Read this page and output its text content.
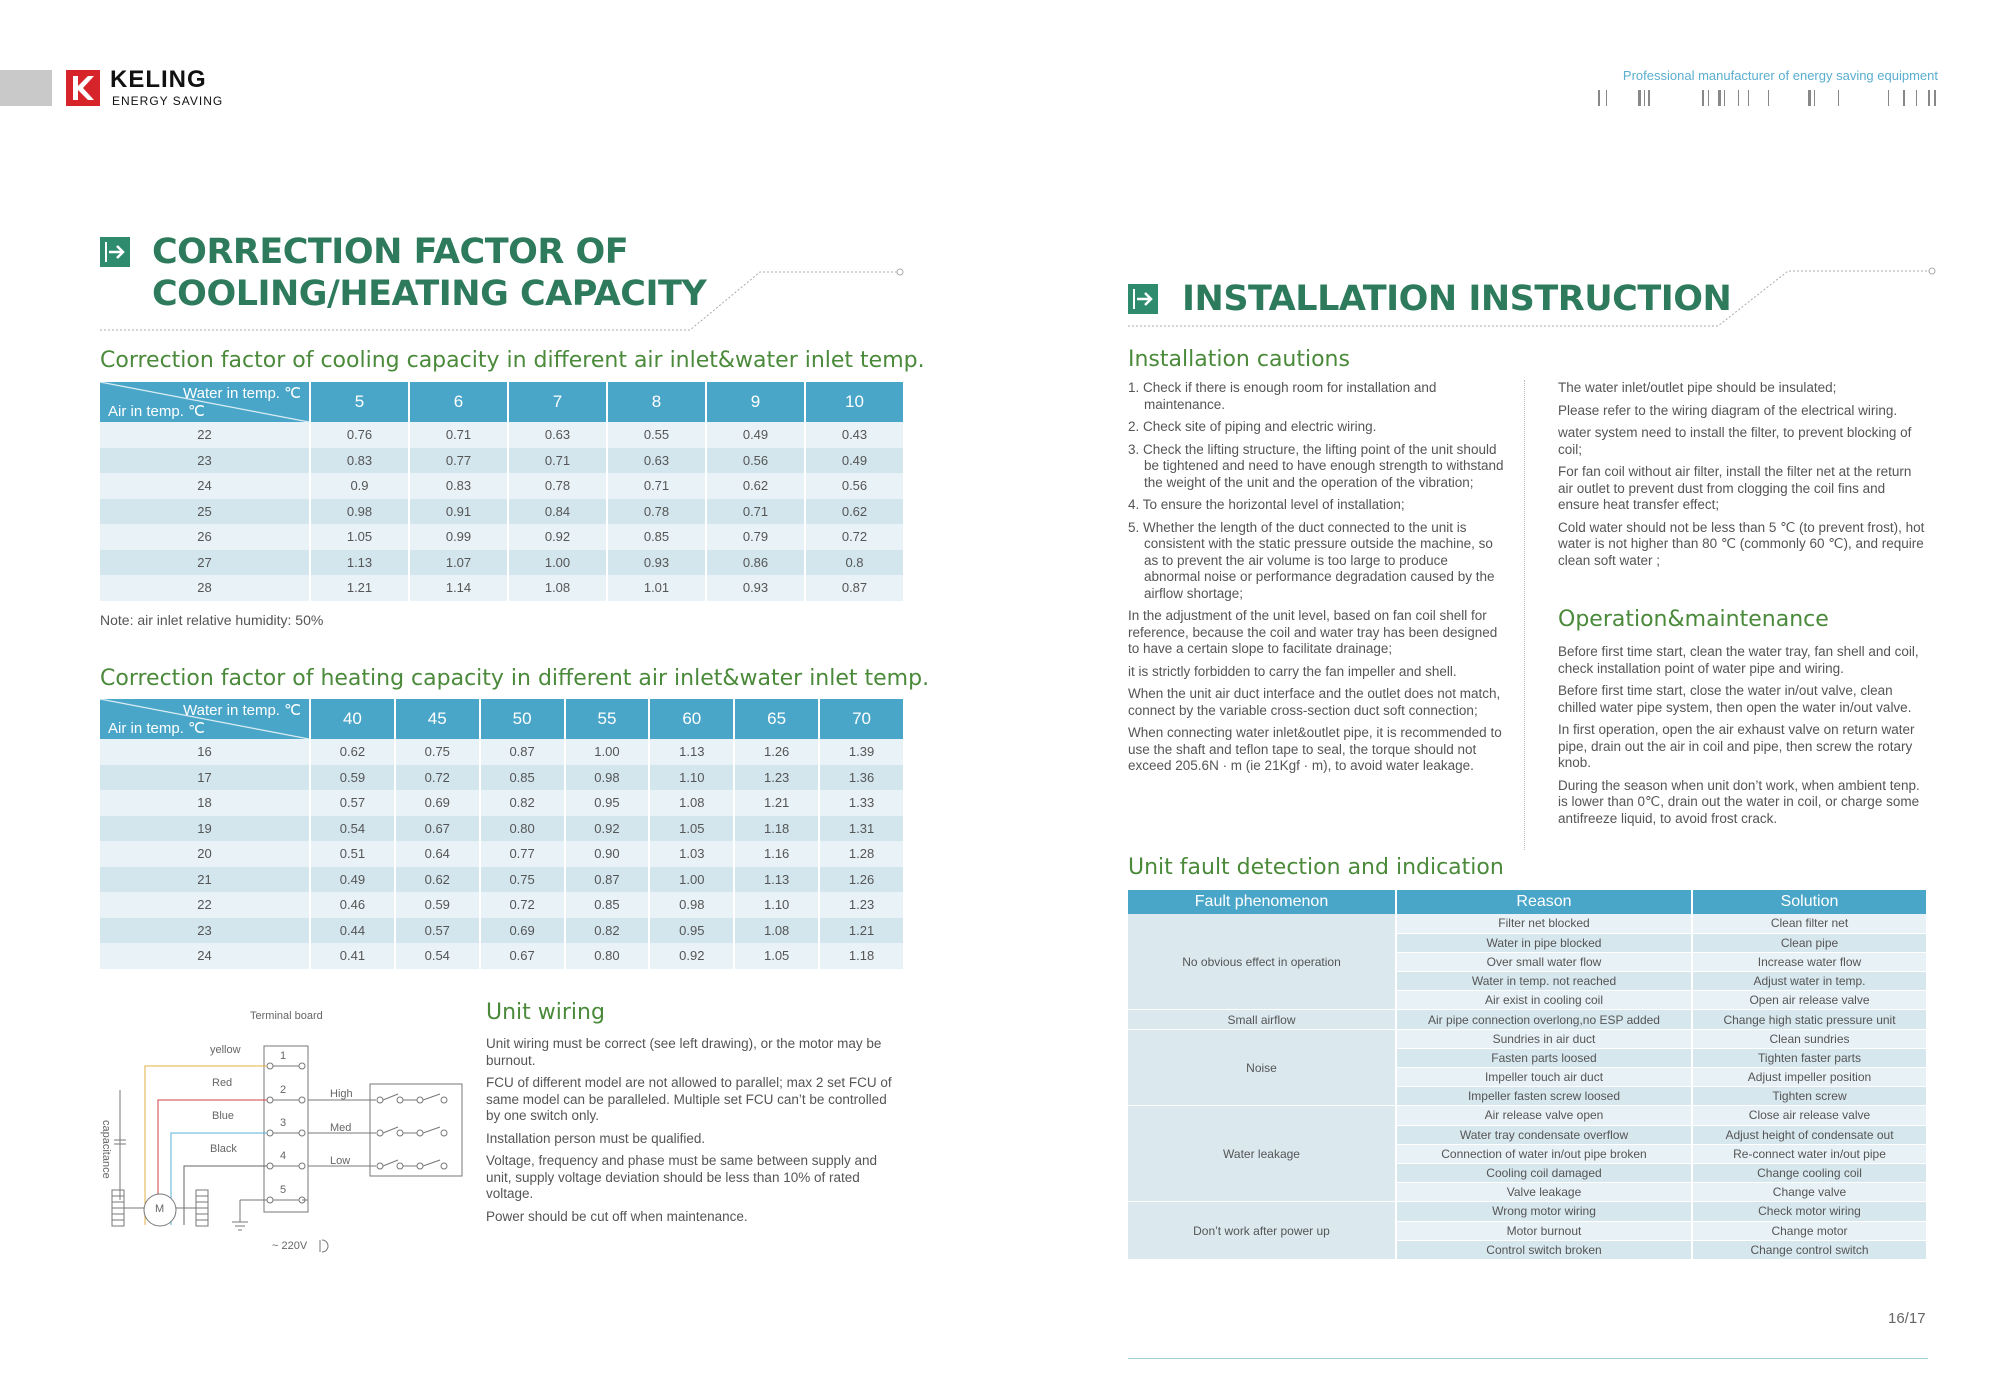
KELING
ENERGY SAVING
Professional manufacturer of energy saving equipment
CORRECTION FACTOR OF
COOLING/HEATING CAPACITY
Correction factor of cooling capacity in different air inlet&water inlet temp.
Water in temp. ℃
Air in temp. ℃	5	6	7	8	9	10
22	0.76	0.71	0.63	0.55	0.49	0.43
23	0.83	0.77	0.71	0.63	0.56	0.49
24	0.9	0.83	0.78	0.71	0.62	0.56
25	0.98	0.91	0.84	0.78	0.71	0.62
26	1.05	0.99	0.92	0.85	0.79	0.72
27	1.13	1.07	1.00	0.93	0.86	0.8
28	1.21	1.14	1.08	1.01	0.93	0.87
Note: air inlet relative humidity: 50%
Correction factor of heating capacity in different air inlet&water inlet temp.
Water in temp. ℃
Air in temp. ℃	40	45	50	55	60	65	70
16	0.62	0.75	0.87	1.00	1.13	1.26	1.39
17	0.59	0.72	0.85	0.98	1.10	1.23	1.36
18	0.57	0.69	0.82	0.95	1.08	1.21	1.33
19	0.54	0.67	0.80	0.92	1.05	1.18	1.31
20	0.51	0.64	0.77	0.90	1.03	1.16	1.28
21	0.49	0.62	0.75	0.87	1.00	1.13	1.26
22	0.46	0.59	0.72	0.85	0.98	1.10	1.23
23	0.44	0.57	0.69	0.82	0.95	1.08	1.21
24	0.41	0.54	0.67	0.80	0.92	1.05	1.18
Terminal board
yellow
Red
Blue
Black
1
2
3
4
5
High
Med
Low
capacitance
M
~ 220V
Unit wiring

Unit wiring must be correct (see left drawing), or the motor may be burnout.

FCU of different model are not allowed to parallel; max 2 set FCU of same model can be paralleled. Multiple set FCU can’t be controlled by one switch only.

Installation person must be qualified.

Voltage, frequency and phase must be same between supply and unit, supply voltage deviation should be less than 10% of rated voltage.

Power should be cut off when maintenance.

INSTALLATION INSTRUCTION
Installation cautions
1. Check if there is enough room for installation and maintenance.
2. Check site of piping and electric wiring.
3. Check the lifting structure, the lifting point of the unit should be tightened and need to have enough strength to withstand the weight of the unit and the operation of the vibration;
4. To ensure the horizontal level of installation;
5. Whether the length of the duct connected to the unit is consistent with the static pressure outside the machine, so as to prevent the air volume is too large to produce abnormal noise or performance degradation caused by the airflow shortage;

In the adjustment of the unit level, based on fan coil shell for reference, because the coil and water tray has been designed to have a certain slope to facilitate drainage;

it is strictly forbidden to carry the fan impeller and shell.

When the unit air duct interface and the outlet does not match, connect by the variable cross-section duct soft connection;

When connecting water inlet&outlet pipe, it is recommended to use the shaft and teflon tape to seal, the torque should not exceed 205.6N · m (ie 21Kgf · m), to avoid water leakage.

The water inlet/outlet pipe should be insulated;

Please refer to the wiring diagram of the electrical wiring.

water system need to install the filter, to prevent blocking of coil;

For fan coil without air filter, install the filter net at the return air outlet to prevent dust from clogging the coil fins and ensure heat transfer effect;

Cold water should not be less than 5 ℃ (to prevent frost), hot water is not higher than 80 ℃ (commonly 60 ℃), and require clean soft water ;

Operation&maintenance

Before first time start, clean the water tray, fan shell and coil, check installation point of water pipe and wiring.

Before first time start, close the water in/out valve, clean chilled water pipe system, then open the water in/out valve.

In first operation, open the air exhaust valve on return water pipe, drain out the air in coil and pipe, then screw the rotary knob.

During the season when unit don’t work, when ambient tenp. is lower than 0℃, drain out the water in coil, or charge some antifreeze liquid, to avoid frost crack.

Unit fault detection and indication
Fault phenomenon	Reason	Solution
No obvious effect in operation	Filter net blocked	Clean filter net
	Water in pipe blocked	Clean pipe
	Over small water flow	Increase water flow
	Water in temp. not reached	Adjust water in temp.
	Air exist in cooling coil	Open air release valve
Small airflow	Air pipe connection overlong,no ESP added	Change high static pressure unit
Noise	Sundries in air duct	Clean sundries
	Fasten parts loosed	Tighten faster parts
	Impeller touch air duct	Adjust impeller position
	Impeller fasten screw loosed	Tighten screw
Water leakage	Air release valve open	Close air release valve
	Water tray condensate overflow	Adjust height of condensate out
	Connection of water in/out pipe broken	Re-connect water in/out pipe
	Cooling coil damaged	Change cooling coil
	Valve leakage	Change valve
Don’t work after power up	Wrong motor wiring	Check motor wiring
	Motor burnout	Change motor
	Control switch broken	Change control switch
16/17
